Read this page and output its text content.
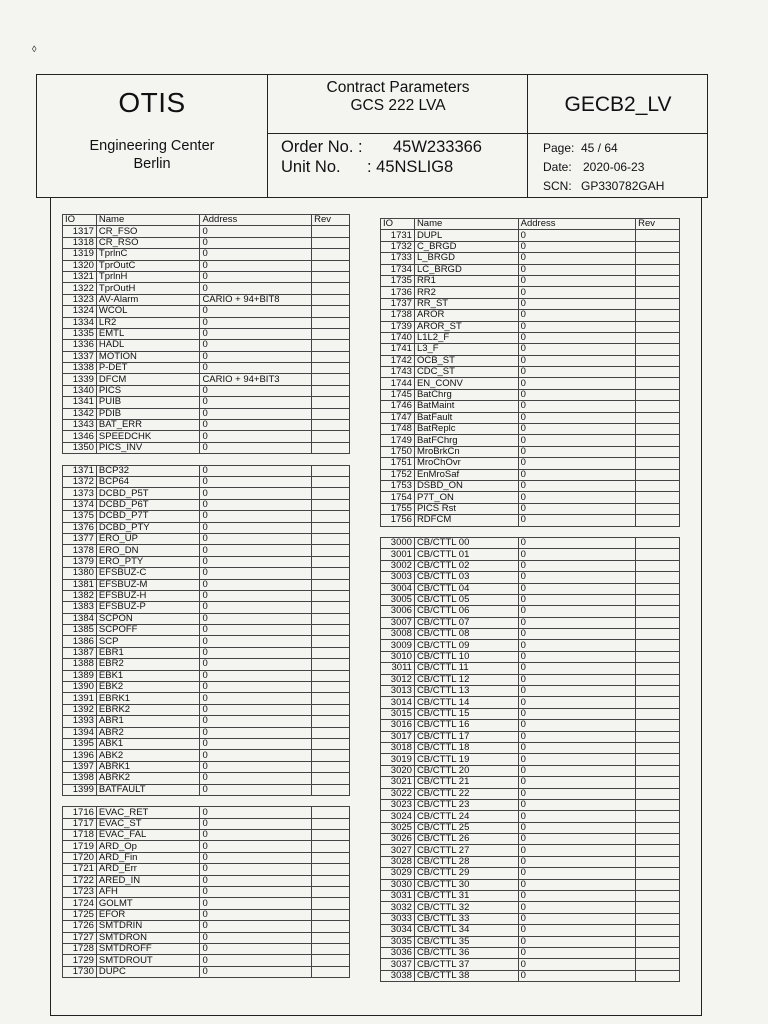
◊
OTIS
Engineering Center
Berlin
Contract Parameters
GCS 222 LVA
Order No. : 45W233366
Unit No. : 45NSLIG8
GECB2_LV
Page: 45 / 64
Date: 2020-06-23
SCN: GP330782GAH
IO	Name	Address	Rev
1317	CR_FSO	0	
1318	CR_RSO	0	
1319	TprlnC	0	
1320	TprOutC	0	
1321	TprlnH	0	
1322	TprOutH	0	
1323	AV-Alarm	CARIO + 94+BIT8	
1324	WCOL	0	
1334	LR2	0	
1335	EMTL	0	
1336	HADL	0	
1337	MOTION	0	
1338	P-DET	0	
1339	DFCM	CARIO + 94+BIT3	
1340	PICS	0	
1341	PUIB	0	
1342	PDIB	0	
1343	BAT_ERR	0	
1346	SPEEDCHK	0	
1350	PICS_INV	0	

1371	BCP32	0	
1372	BCP64	0	
1373	DCBD_P5T	0	
1374	DCBD_P6T	0	
1375	DCBD_P7T	0	
1376	DCBD_PTY	0	
1377	ERO_UP	0	
1378	ERO_DN	0	
1379	ERO_PTY	0	
1380	EFSBUZ-C	0	
1381	EFSBUZ-M	0	
1382	EFSBUZ-H	0	
1383	EFSBUZ-P	0	
1384	SCPON	0	
1385	SCPOFF	0	
1386	SCP	0	
1387	EBR1	0	
1388	EBR2	0	
1389	EBK1	0	
1390	EBK2	0	
1391	EBRK1	0	
1392	EBRK2	0	
1393	ABR1	0	
1394	ABR2	0	
1395	ABK1	0	
1396	ABK2	0	
1397	ABRK1	0	
1398	ABRK2	0	
1399	BATFAULT	0	

1716	EVAC_RET	0	
1717	EVAC_ST	0	
1718	EVAC_FAL	0	
1719	ARD_Op	0	
1720	ARD_Fin	0	
1721	ARD_Err	0	
1722	ARED_IN	0	
1723	AFH	0	
1724	GOLMT	0	
1725	EFOR	0	
1726	SMTDRIN	0	
1727	SMTDRON	0	
1728	SMTDROFF	0	
1729	SMTDROUT	0	
1730	DUPC	0	
IO	Name	Address	Rev
1731	DUPL	0	
1732	C_BRGD	0	
1733	L_BRGD	0	
1734	LC_BRGD	0	
1735	RR1	0	
1736	RR2	0	
1737	RR_ST	0	
1738	AROR	0	
1739	AROR_ST	0	
1740	L1L2_F	0	
1741	L3_F	0	
1742	OCB_ST	0	
1743	CDC_ST	0	
1744	EN_CONV	0	
1745	BatChrg	0	
1746	BatMaint	0	
1747	BatFault	0	
1748	BatReplc	0	
1749	BatFChrg	0	
1750	MroBrkCn	0	
1751	MroChOvr	0	
1752	EnMroSaf	0	
1753	DSBD_ON	0	
1754	P7T_ON	0	
1755	PICS Rst	0	
1756	RDFCM	0	

3000	CB/CTTL 00	0	
3001	CB/CTTL 01	0	
3002	CB/CTTL 02	0	
3003	CB/CTTL 03	0	
3004	CB/CTTL 04	0	
3005	CB/CTTL 05	0	
3006	CB/CTTL 06	0	
3007	CB/CTTL 07	0	
3008	CB/CTTL 08	0	
3009	CB/CTTL 09	0	
3010	CB/CTTL 10	0	
3011	CB/CTTL 11	0	
3012	CB/CTTL 12	0	
3013	CB/CTTL 13	0	
3014	CB/CTTL 14	0	
3015	CB/CTTL 15	0	
3016	CB/CTTL 16	0	
3017	CB/CTTL 17	0	
3018	CB/CTTL 18	0	
3019	CB/CTTL 19	0	
3020	CB/CTTL 20	0	
3021	CB/CTTL 21	0	
3022	CB/CTTL 22	0	
3023	CB/CTTL 23	0	
3024	CB/CTTL 24	0	
3025	CB/CTTL 25	0	
3026	CB/CTTL 26	0	
3027	CB/CTTL 27	0	
3028	CB/CTTL 28	0	
3029	CB/CTTL 29	0	
3030	CB/CTTL 30	0	
3031	CB/CTTL 31	0	
3032	CB/CTTL 32	0	
3033	CB/CTTL 33	0	
3034	CB/CTTL 34	0	
3035	CB/CTTL 35	0	
3036	CB/CTTL 36	0	
3037	CB/CTTL 37	0	
3038	CB/CTTL 38	0	
